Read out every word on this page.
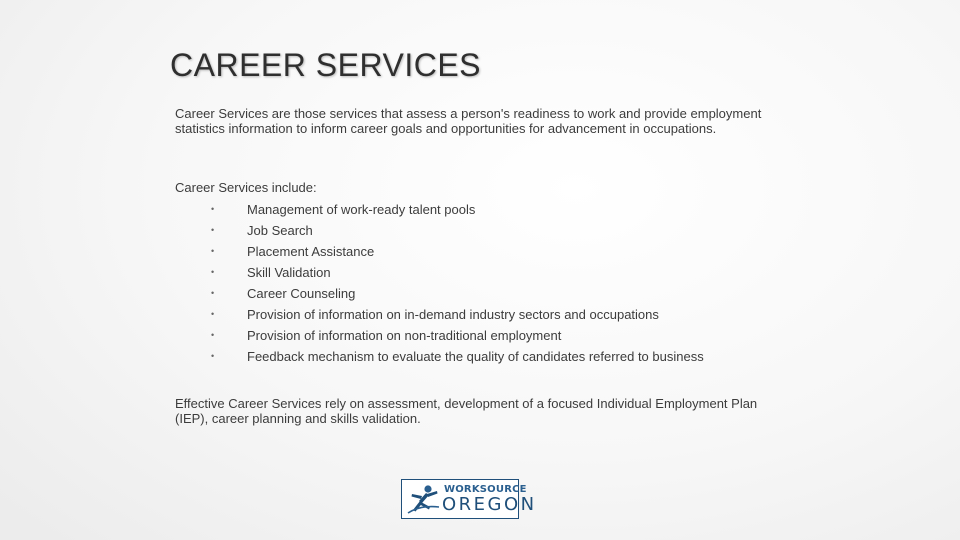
CAREER SERVICES

Career Services are those services that assess a person's readiness to work and provide employment statistics information to inform career goals and opportunities for advancement in occupations.

Career Services include:

•	Management of work-ready talent pools
•	Job Search
•	Placement Assistance
•	Skill Validation
•	Career Counseling
•	Provision of information on in-demand industry sectors and occupations
•	Provision of information on non-traditional employment
•	Feedback mechanism to evaluate the quality of candidates referred to business

Effective Career Services rely on assessment, development of a focused Individual Employment Plan (IEP), career planning and skills validation.

WORKSOURCE
OREGON
